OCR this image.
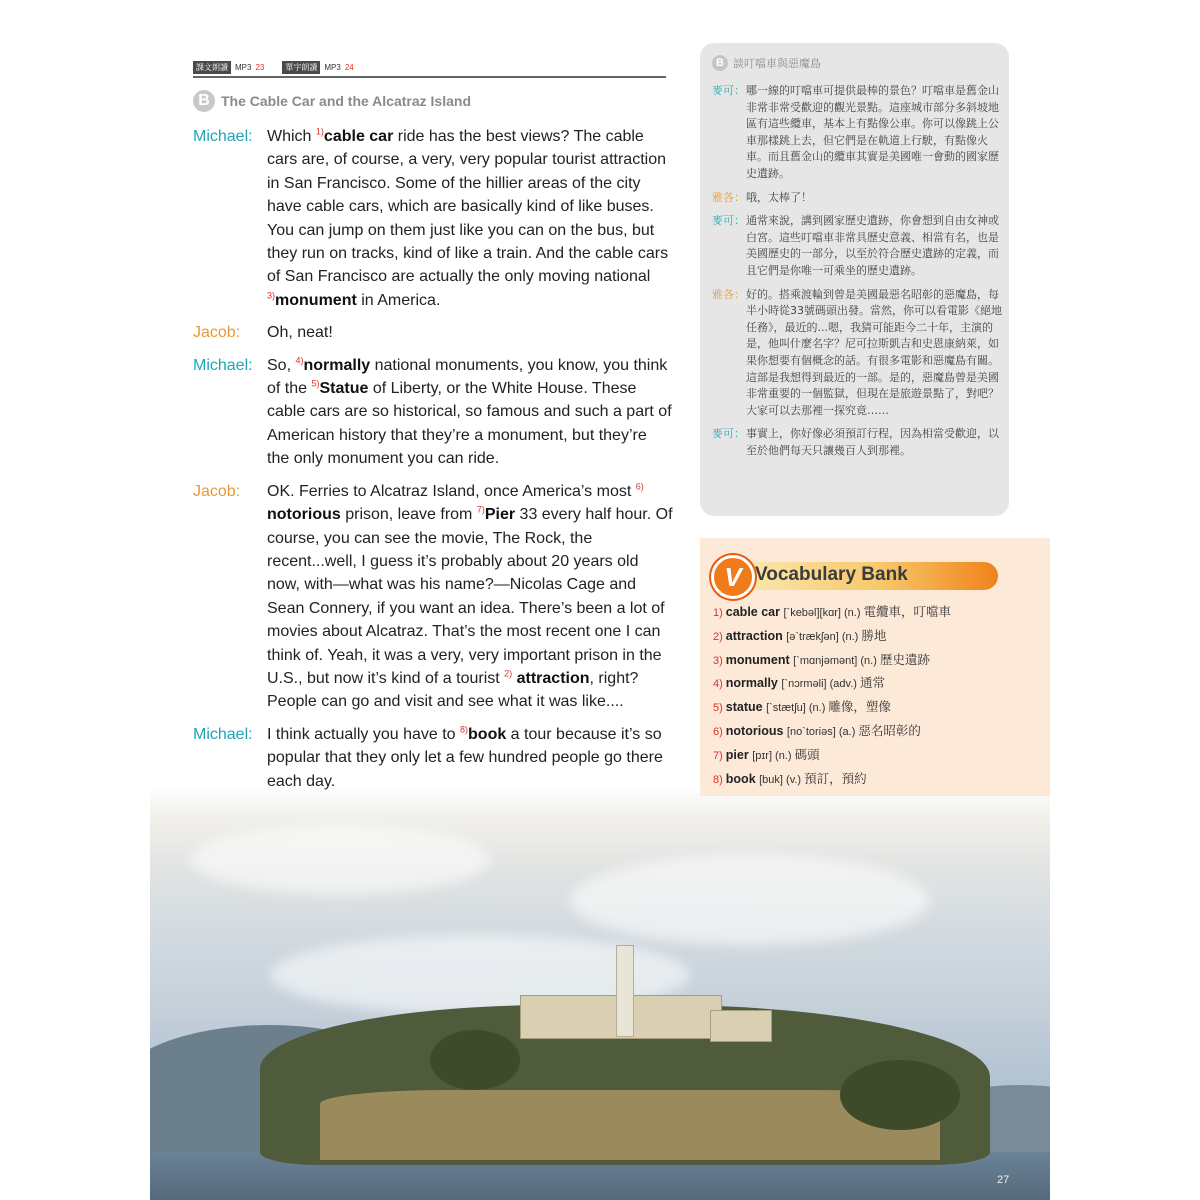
課文朗讀 MP3 23	單字朗讀 MP3 24
B The Cable Car and the Alcatraz Island
Michael: Which $^{1)}$cable car ride has the best views? The cable cars are, of course, a very, very popular tourist attraction in San Francisco. Some of the hillier areas of the city have cable cars, which are basically kind of like buses. You can jump on them just like you can on the bus, but they run on tracks, kind of like a train. And the cable cars of San Francisco are actually the only moving national $^{3)}$monument in America.
Jacob:	Oh, neat!
Michael: So, $^{4)}$normally national monuments, you know, you think of the $^{5)}$Statue of Liberty, or the White House. These cable cars are so historical, so famous and such a part of American history that they’re a monument, but they’re the only monument you can ride.
Jacob:	OK. Ferries to Alcatraz Island, once America’s most $^{6)}$ notorious prison, leave from $^{7)}$Pier 33 every half hour. Of course, you can see the movie, The Rock, the recent...well, I guess it’s probably about 20 years old now, with—what was his name?—Nicolas Cage and Sean Connery, if you want an idea. There’s been a lot of movies about Alcatraz. That’s the most recent one I can think of. Yeah, it was a very, very important prison in the U.S., but now it’s kind of a tourist $^{2)}$ attraction, right? People can go and visit and see what it was like....
Michael: I think actually you have to $^{8)}$book a tour because it’s so popular that they only let a few hundred people go there each day.
B 談叮噹車與惡魔島
麥可： 哪一線的叮噹車可提供最棒的景色？叮噹車是舊金山非常非常受歡迎的觀光景點。這座城市部分多斜坡地區有這些纜車，基本上有點像公車。你可以像跳上公車那樣跳上去，但它們是在軌道上行駛，有點像火車。而且舊金山的纜車其實是美國唯一會動的國家歷史遺跡。
雅各： 哦，太棒了！
麥可： 通常來說，講到國家歷史遺跡，你會想到自由女神或白宮。這些叮噹車非常具歷史意義、相當有名，也是美國歷史的一部分，以至於符合歷史遺跡的定義，而且它們是你唯一可乘坐的歷史遺跡。
雅各： 好的。搭乘渡輪到曾是美國最惡名昭彰的惡魔島，每半小時從33號碼頭出發。當然，你可以看電影《絕地任務》，最近的...嗯，我猜可能距今二十年，主演的是，他叫什麼名字？尼可拉斯凱吉和史恩康納萊，如果你想要有個概念的話。有很多電影和惡魔島有關。這部是我想得到最近的一部。是的，惡魔島曾是美國非常重要的一個監獄，但現在是旅遊景點了，對吧？大家可以去那裡一探究竟……
麥可： 事實上，你好像必須預訂行程，因為相當受歡迎，以至於他們每天只讓幾百人到那裡。
V Vocabulary Bank
1) cable car [ˋkebəl][kɑr] (n.) 電纜車，叮噹車
2) attraction [əˋtrækʃən] (n.) 勝地
3) monument [ˋmɑnjəmənt] (n.) 歷史遺跡
4) normally [ˋnɔrmәli] (adv.) 通常
5) statue [ˋstætʃu] (n.) 雕像，塑像
6) notorious [noˋtoriəs] (a.) 惡名昭彰的
7) pier [pɪr] (n.) 碼頭
8) book [buk] (v.) 預訂，預約
27
